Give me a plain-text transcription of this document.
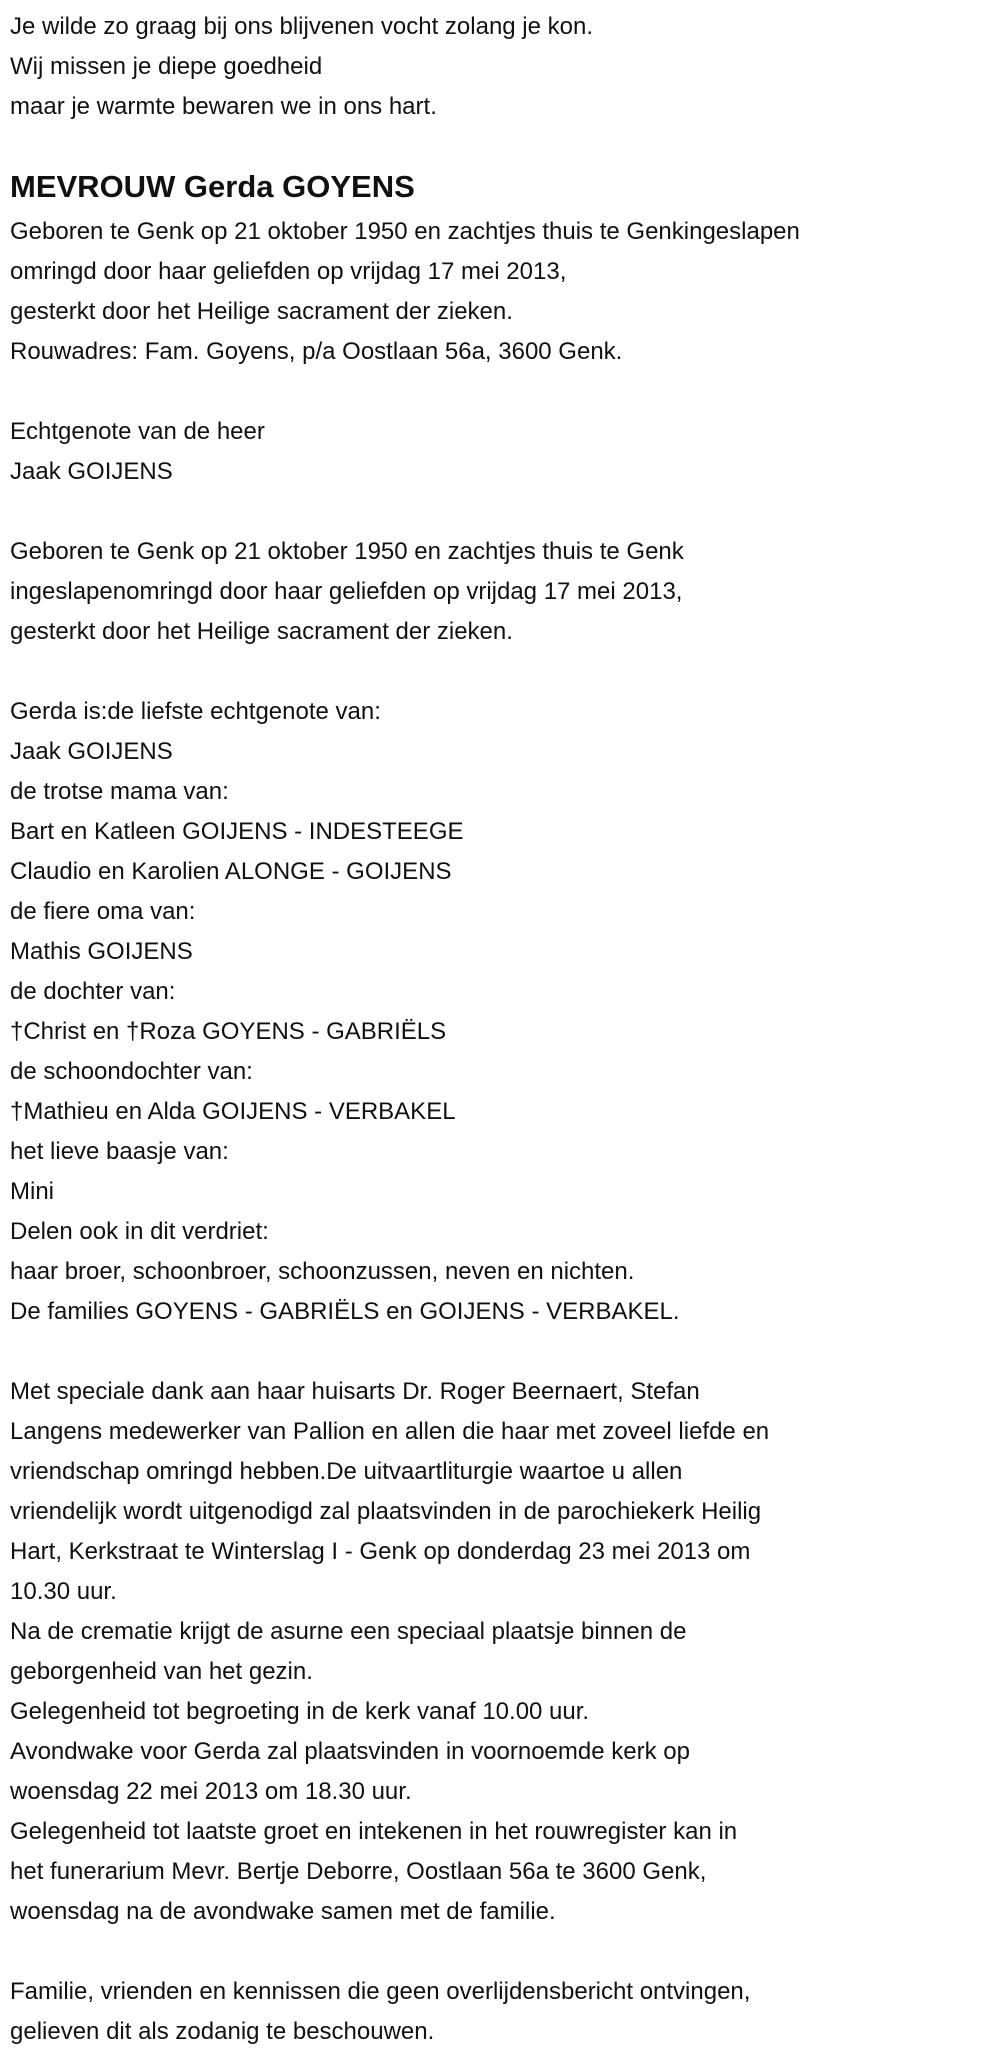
Je wilde zo graag bij ons blijvenen vocht zolang je kon.
Wij missen je diepe goedheid
maar je warmte bewaren we in ons hart.
MEVROUW Gerda GOYENS
Geboren te Genk op 21 oktober 1950 en zachtjes thuis te Genkingeslapen
omringd door haar geliefden op vrijdag 17 mei 2013,
gesterkt door het Heilige sacrament der zieken.
Rouwadres: Fam. Goyens, p/a Oostlaan 56a, 3600 Genk.
Echtgenote van de heer
Jaak GOIJENS
Geboren te Genk op 21 oktober 1950 en zachtjes thuis te Genk
ingeslapenomringd door haar geliefden op vrijdag 17 mei 2013,
gesterkt door het Heilige sacrament der zieken.
Gerda is:de liefste echtgenote van:
Jaak GOIJENS
de trotse mama van:
Bart en Katleen GOIJENS - INDESTEEGE
Claudio en Karolien ALONGE - GOIJENS
de fiere oma van:
Mathis GOIJENS
de dochter van:
†Christ en †Roza GOYENS - GABRIËLS
de schoondochter van:
†Mathieu en Alda GOIJENS - VERBAKEL
het lieve baasje van:
Mini
Delen ook in dit verdriet:
haar broer, schoonbroer, schoonzussen, neven en nichten.
De families GOYENS - GABRIËLS en GOIJENS - VERBAKEL.
Met speciale dank aan haar huisarts Dr. Roger Beernaert, Stefan
Langens medewerker van Pallion en allen die haar met zoveel liefde en
vriendschap omringd hebben.De uitvaartliturgie waartoe u allen
vriendelijk wordt uitgenodigd zal plaatsvinden in de parochiekerk Heilig
Hart, Kerkstraat te Winterslag I - Genk op donderdag 23 mei 2013 om
10.30 uur.
Na de crematie krijgt de asurne een speciaal plaatsje binnen de
geborgenheid van het gezin.
Gelegenheid tot begroeting in de kerk vanaf 10.00 uur.
Avondwake voor Gerda zal plaatsvinden in voornoemde kerk op
woensdag 22 mei 2013 om 18.30 uur.
Gelegenheid tot laatste groet en intekenen in het rouwregister kan in
het funerarium Mevr. Bertje Deborre, Oostlaan 56a te 3600 Genk,
woensdag na de avondwake samen met de familie.
Familie, vrienden en kennissen die geen overlijdensbericht ontvingen,
gelieven dit als zodanig te beschouwen.
